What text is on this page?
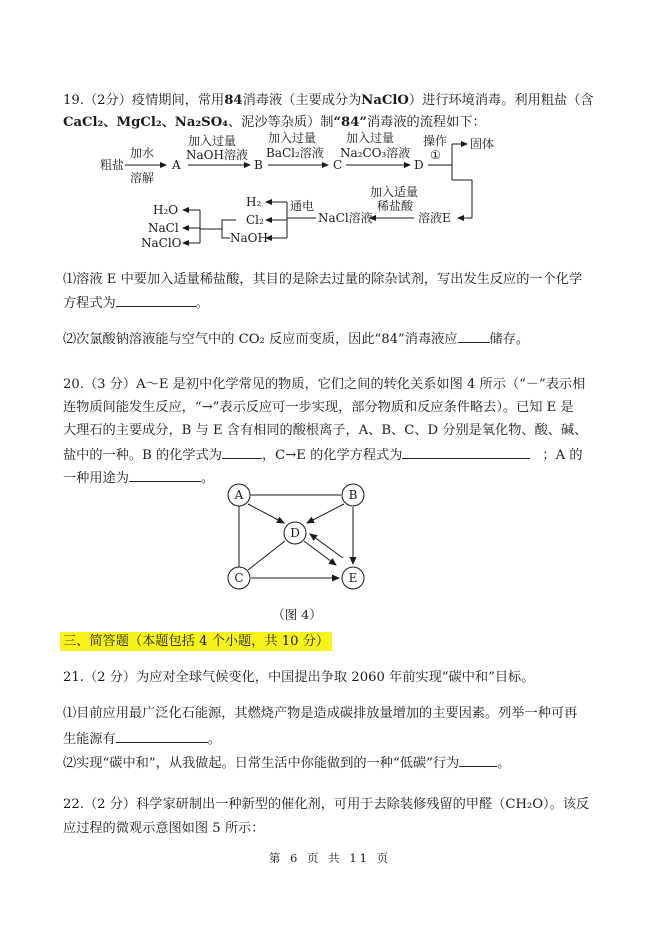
19.（2分）疫情期间，常用84消毒液（主要成分为NaClO）进行环境消毒。利用粗盐（含
CaCl₂、MgCl₂、Na₂SO₄、泥沙等杂质）制“84”消毒液的流程如下：
粗盐
加水
溶解
A
加入过量
NaOH溶液
B
加入过量
BaCl₂溶液
C
加入过量
Na₂CO₃溶液
D
操作
①
固体
溶液E
加入适量
稀盐酸
NaCl溶液
通电
H₂
Cl₂
NaOH
H₂O
NaCl
NaClO
⑴溶液 E 中要加入适量稀盐酸，其目的是除去过量的除杂试剂，写出发生反应的一个化学
方程式为	。
⑵次氯酸钠溶液能与空气中的 CO₂ 反应而变质，因此“84”消毒液应 储存。
20.（3 分）A～E 是初中化学常见的物质，它们之间的转化关系如图 4 所示（“－”表示相
连物质间能发生反应，“→”表示反应可一步实现，部分物质和反应条件略去）。已知 E 是
大理石的主要成分，B 与 E 含有相同的酸根离子，A、B、C、D 分别是氧化物、酸、碱、
盐中的一种。B 的化学式为	，C→E 的化学方程式为	；A 的
一种用途为	。
A	B
C
D
E
（图 4）
三、简答题（本题包括 4 个小题，共 10 分）
21.（2 分）为应对全球气候变化，中国提出争取 2060 年前实现“碳中和”目标。
⑴目前应用最广泛化石能源，其燃烧产物是造成碳排放量增加的主要因素。列举一种可再
生能源有	。
⑵实现“碳中和”，从我做起。日常生活中你能做到的一种“低碳”行为	。
22.（2 分）科学家研制出一种新型的催化剂，可用于去除装修残留的甲醛（CH₂O）。该反
应过程的微观示意图如图 5 所示：
第 6 页 共 11 页
